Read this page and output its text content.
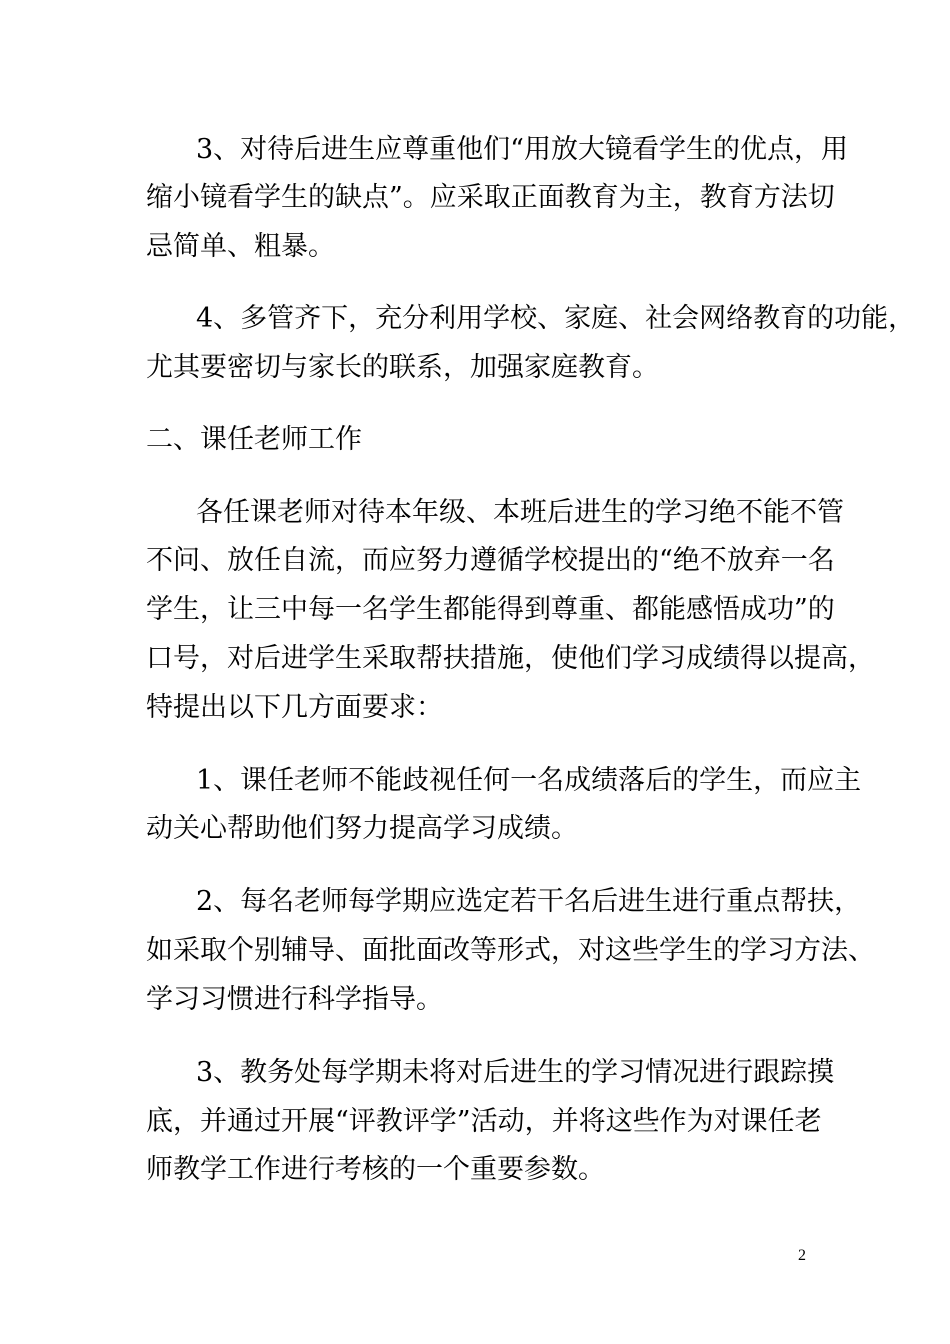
3、对待后进生应尊重他们“用放大镜看学生的优点，用
缩小镜看学生的缺点”。应采取正面教育为主，教育方法切
忌简单、粗暴。
4、多管齐下，充分利用学校、家庭、社会网络教育的功能，
尤其要密切与家长的联系，加强家庭教育。
二、课任老师工作
各任课老师对待本年级、本班后进生的学习绝不能不管
不问、放任自流，而应努力遵循学校提出的“绝不放弃一名
学生，让三中每一名学生都能得到尊重、都能感悟成功”的
口号，对后进学生采取帮扶措施，使他们学习成绩得以提高，
特提出以下几方面要求：
1、课任老师不能歧视任何一名成绩落后的学生，而应主
动关心帮助他们努力提高学习成绩。
2、每名老师每学期应选定若干名后进生进行重点帮扶，
如采取个别辅导、面批面改等形式，对这些学生的学习方法、
学习习惯进行科学指导。
3、教务处每学期未将对后进生的学习情况进行跟踪摸
底，并通过开展“评教评学”活动，并将这些作为对课任老
师教学工作进行考核的一个重要参数。
2
